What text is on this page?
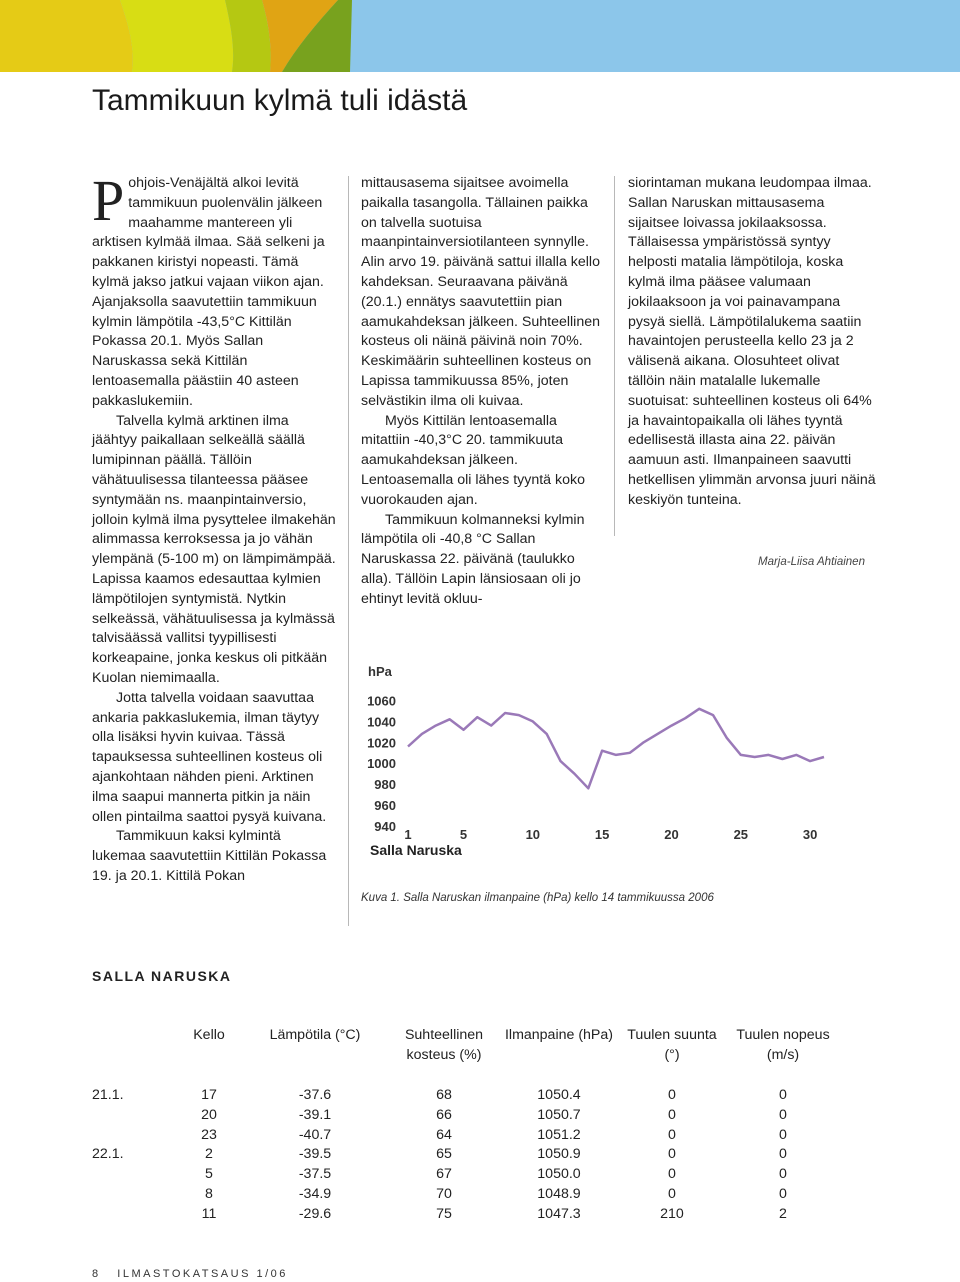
Tammikuun kylmä tuli idästä

Pohjois-Venäjältä alkoi levitä tammikuun puolenvälin jälkeen maahamme mantereen yli arktisen kylmää ilmaa. Sää selkeni ja pakkanen kiristyi nopeasti. Tämä kylmä jakso jatkui vajaan viikon ajan. Ajanjaksolla saavutettiin tammikuun kylmin lämpötila -43,5°C Kittilän Pokassa 20.1. Myös Sallan Naruskassa sekä Kittilän lentoasemalla päästiin 40 asteen pakkaslukemiin.

Talvella kylmä arktinen ilma jäähtyy paikallaan selkeällä säällä lumipinnan päällä. Tällöin vähätuulisessa tilanteessa pääsee syntymään ns. maanpintainversio, jolloin kylmä ilma pysyttelee ilmakehän alimmassa kerroksessa ja jo vähän ylempänä (5-100 m) on lämpimämpää. Lapissa kaamos edesauttaa kylmien lämpötilojen syntymistä. Nytkin selkeässä, vähätuulisessa ja kylmässä talvisäässä vallitsi tyypillisesti korkeapaine, jonka keskus oli pitkään Kuolan niemimaalla.

Jotta talvella voidaan saavuttaa ankaria pakkaslukemia, ilman täytyy olla lisäksi hyvin kuivaa. Tässä tapauksessa suhteellinen kosteus oli ajankohtaan nähden pieni. Arktinen ilma saapui mannerta pitkin ja näin ollen pintailma saattoi pysyä kuivana.

Tammikuun kaksi kylmintä lukemaa saavutettiin Kittilän Pokassa 19. ja 20.1. Kittilä Pokan

mittausasema sijaitsee avoimella paikalla tasangolla. Tällainen paikka on talvella suotuisa maanpintainversiotilanteen synnylle. Alin arvo 19. päivänä sattui illalla kello kahdeksan. Seuraavana päivänä (20.1.) ennätys saavutettiin pian aamukahdeksan jälkeen. Suhteellinen kosteus oli näinä päivinä noin 70%. Keskimäärin suhteellinen kosteus on Lapissa tammikuussa 85%, joten selvästikin ilma oli kuivaa.

Myös Kittilän lentoasemalla mitattiin -40,3°C 20. tammikuuta aamukahdeksan jälkeen. Lentoasemalla oli lähes tyyntä koko vuorokauden ajan.

Tammikuun kolmanneksi kylmin lämpötila oli -40,8 °C Sallan Naruskassa 22. päivänä (taulukko alla). Tällöin Lapin länsiosaan oli jo ehtinyt levitä okluu-

siorintaman mukana leudompaa ilmaa. Sallan Naruskan mittausasema sijaitsee loivassa jokilaaksossa. Tällaisessa ympäristössä syntyy helposti matalia lämpötiloja, koska kylmä ilma pääsee valumaan jokilaaksoon ja voi painavampana pysyä siellä. Lämpötilalukema saatiin havaintojen perusteella kello 23 ja 2 välisenä aikana. Olosuhteet olivat tällöin näin matalalle lukemalle suotuisat: suhteellinen kosteus oli 64% ja havaintopaikalla oli lähes tyyntä edellisestä illasta aina 22. päivän aamuun asti. Ilmanpaineen saavutti hetkellisen ylimmän arvonsa juuri näinä keskiyön tunteina.

Marja-Liisa Ahtiainen
hPa
940
960
980
1000
1020
1040
1060
1	5	10	15	20	25	30
Salla Naruska
Kuva 1. Salla Naruskan ilmanpaine (hPa) kello 14 tammikuussa 2006
SALLA NARUSKA
	Kello	Lämpötila (°C)	Suhteellinen kosteus (%)	Ilmanpaine (hPa)	Tuulen suunta (°)	Tuulen nopeus (m/s)
21.1.	17	-37.6	68	1050.4	0	0
	20	-39.1	66	1050.7	0	0
	23	-40.7	64	1051.2	0	0
22.1.	2	-39.5	65	1050.9	0	0
	5	-37.5	67	1050.0	0	0
	8	-34.9	70	1048.9	0	0
	11	-29.6	75	1047.3	210	2
8 ILMASTOKATSAUS 1/06
